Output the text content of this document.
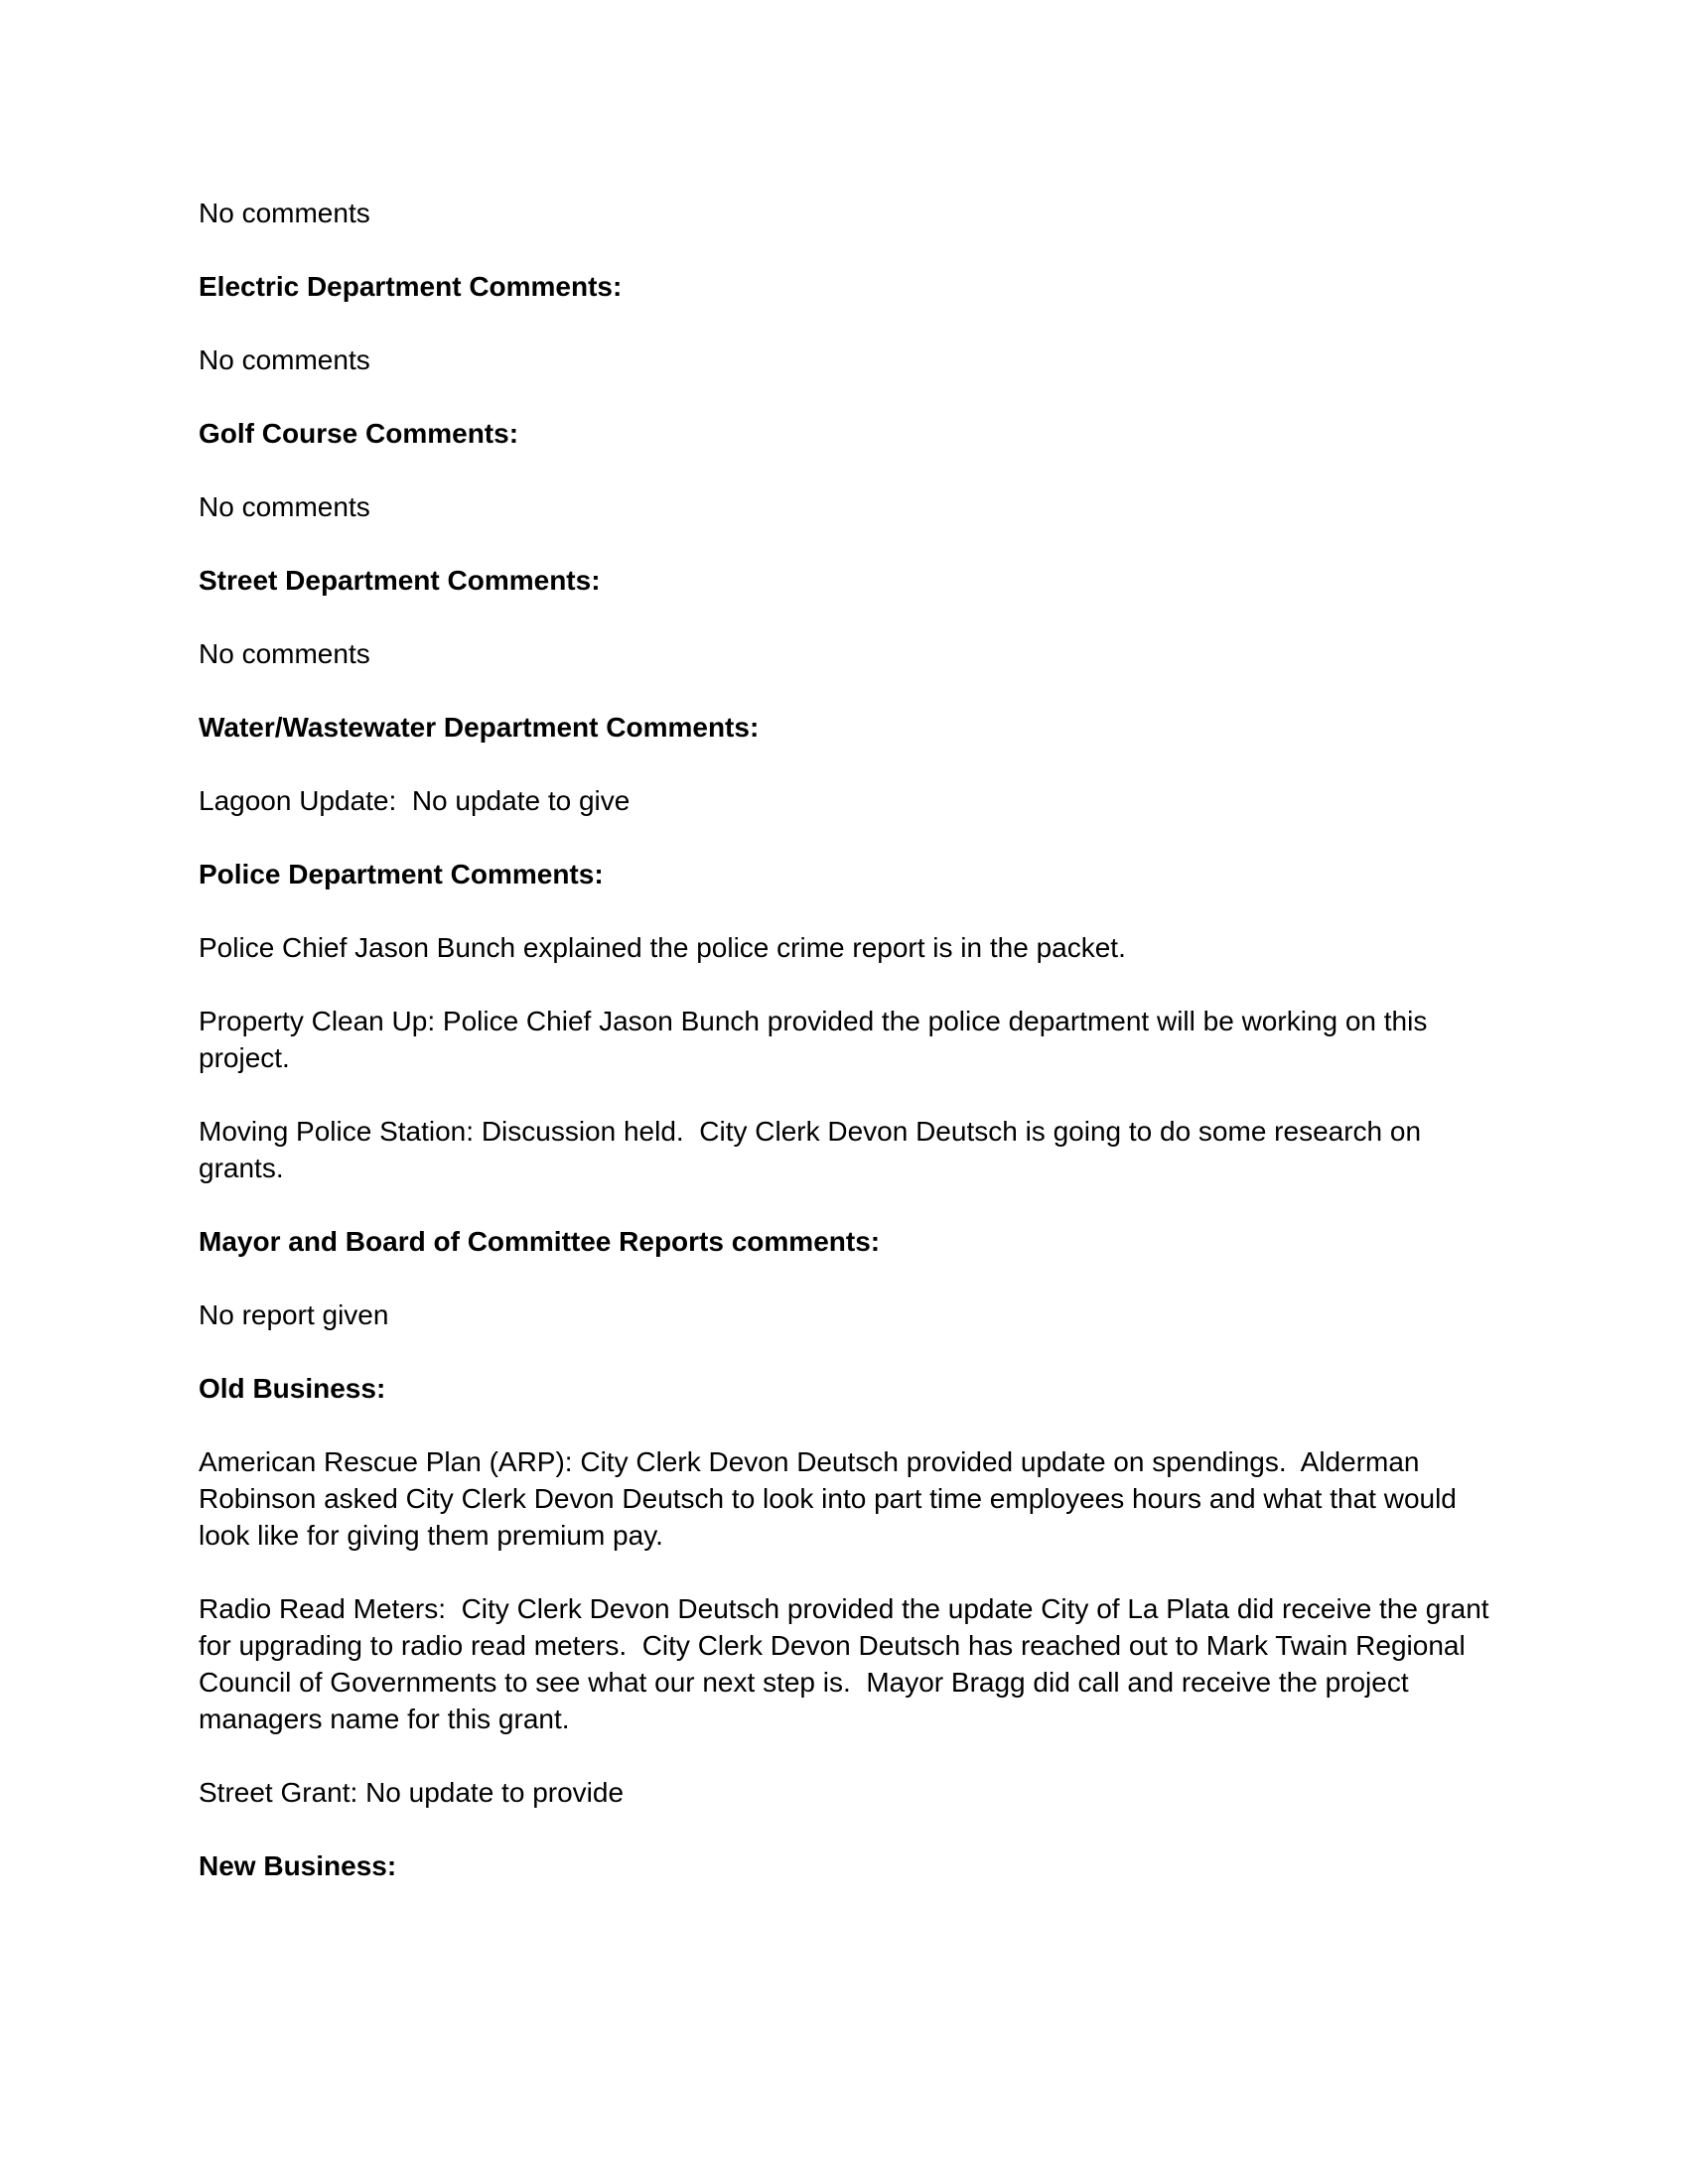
No comments

Electric Department Comments:

No comments

Golf Course Comments:

No comments

Street Department Comments:

No comments

Water/Wastewater Department Comments:

Lagoon Update:  No update to give

Police Department Comments:

Police Chief Jason Bunch explained the police crime report is in the packet.

Property Clean Up: Police Chief Jason Bunch provided the police department will be working on this project.

Moving Police Station: Discussion held.  City Clerk Devon Deutsch is going to do some research on grants.

Mayor and Board of Committee Reports comments:

No report given

Old Business:

American Rescue Plan (ARP): City Clerk Devon Deutsch provided update on spendings.  Alderman Robinson asked City Clerk Devon Deutsch to look into part time employees hours and what that would look like for giving them premium pay.

Radio Read Meters:  City Clerk Devon Deutsch provided the update City of La Plata did receive the grant for upgrading to radio read meters.  City Clerk Devon Deutsch has reached out to Mark Twain Regional Council of Governments to see what our next step is.  Mayor Bragg did call and receive the project managers name for this grant.

Street Grant: No update to provide

New Business:
